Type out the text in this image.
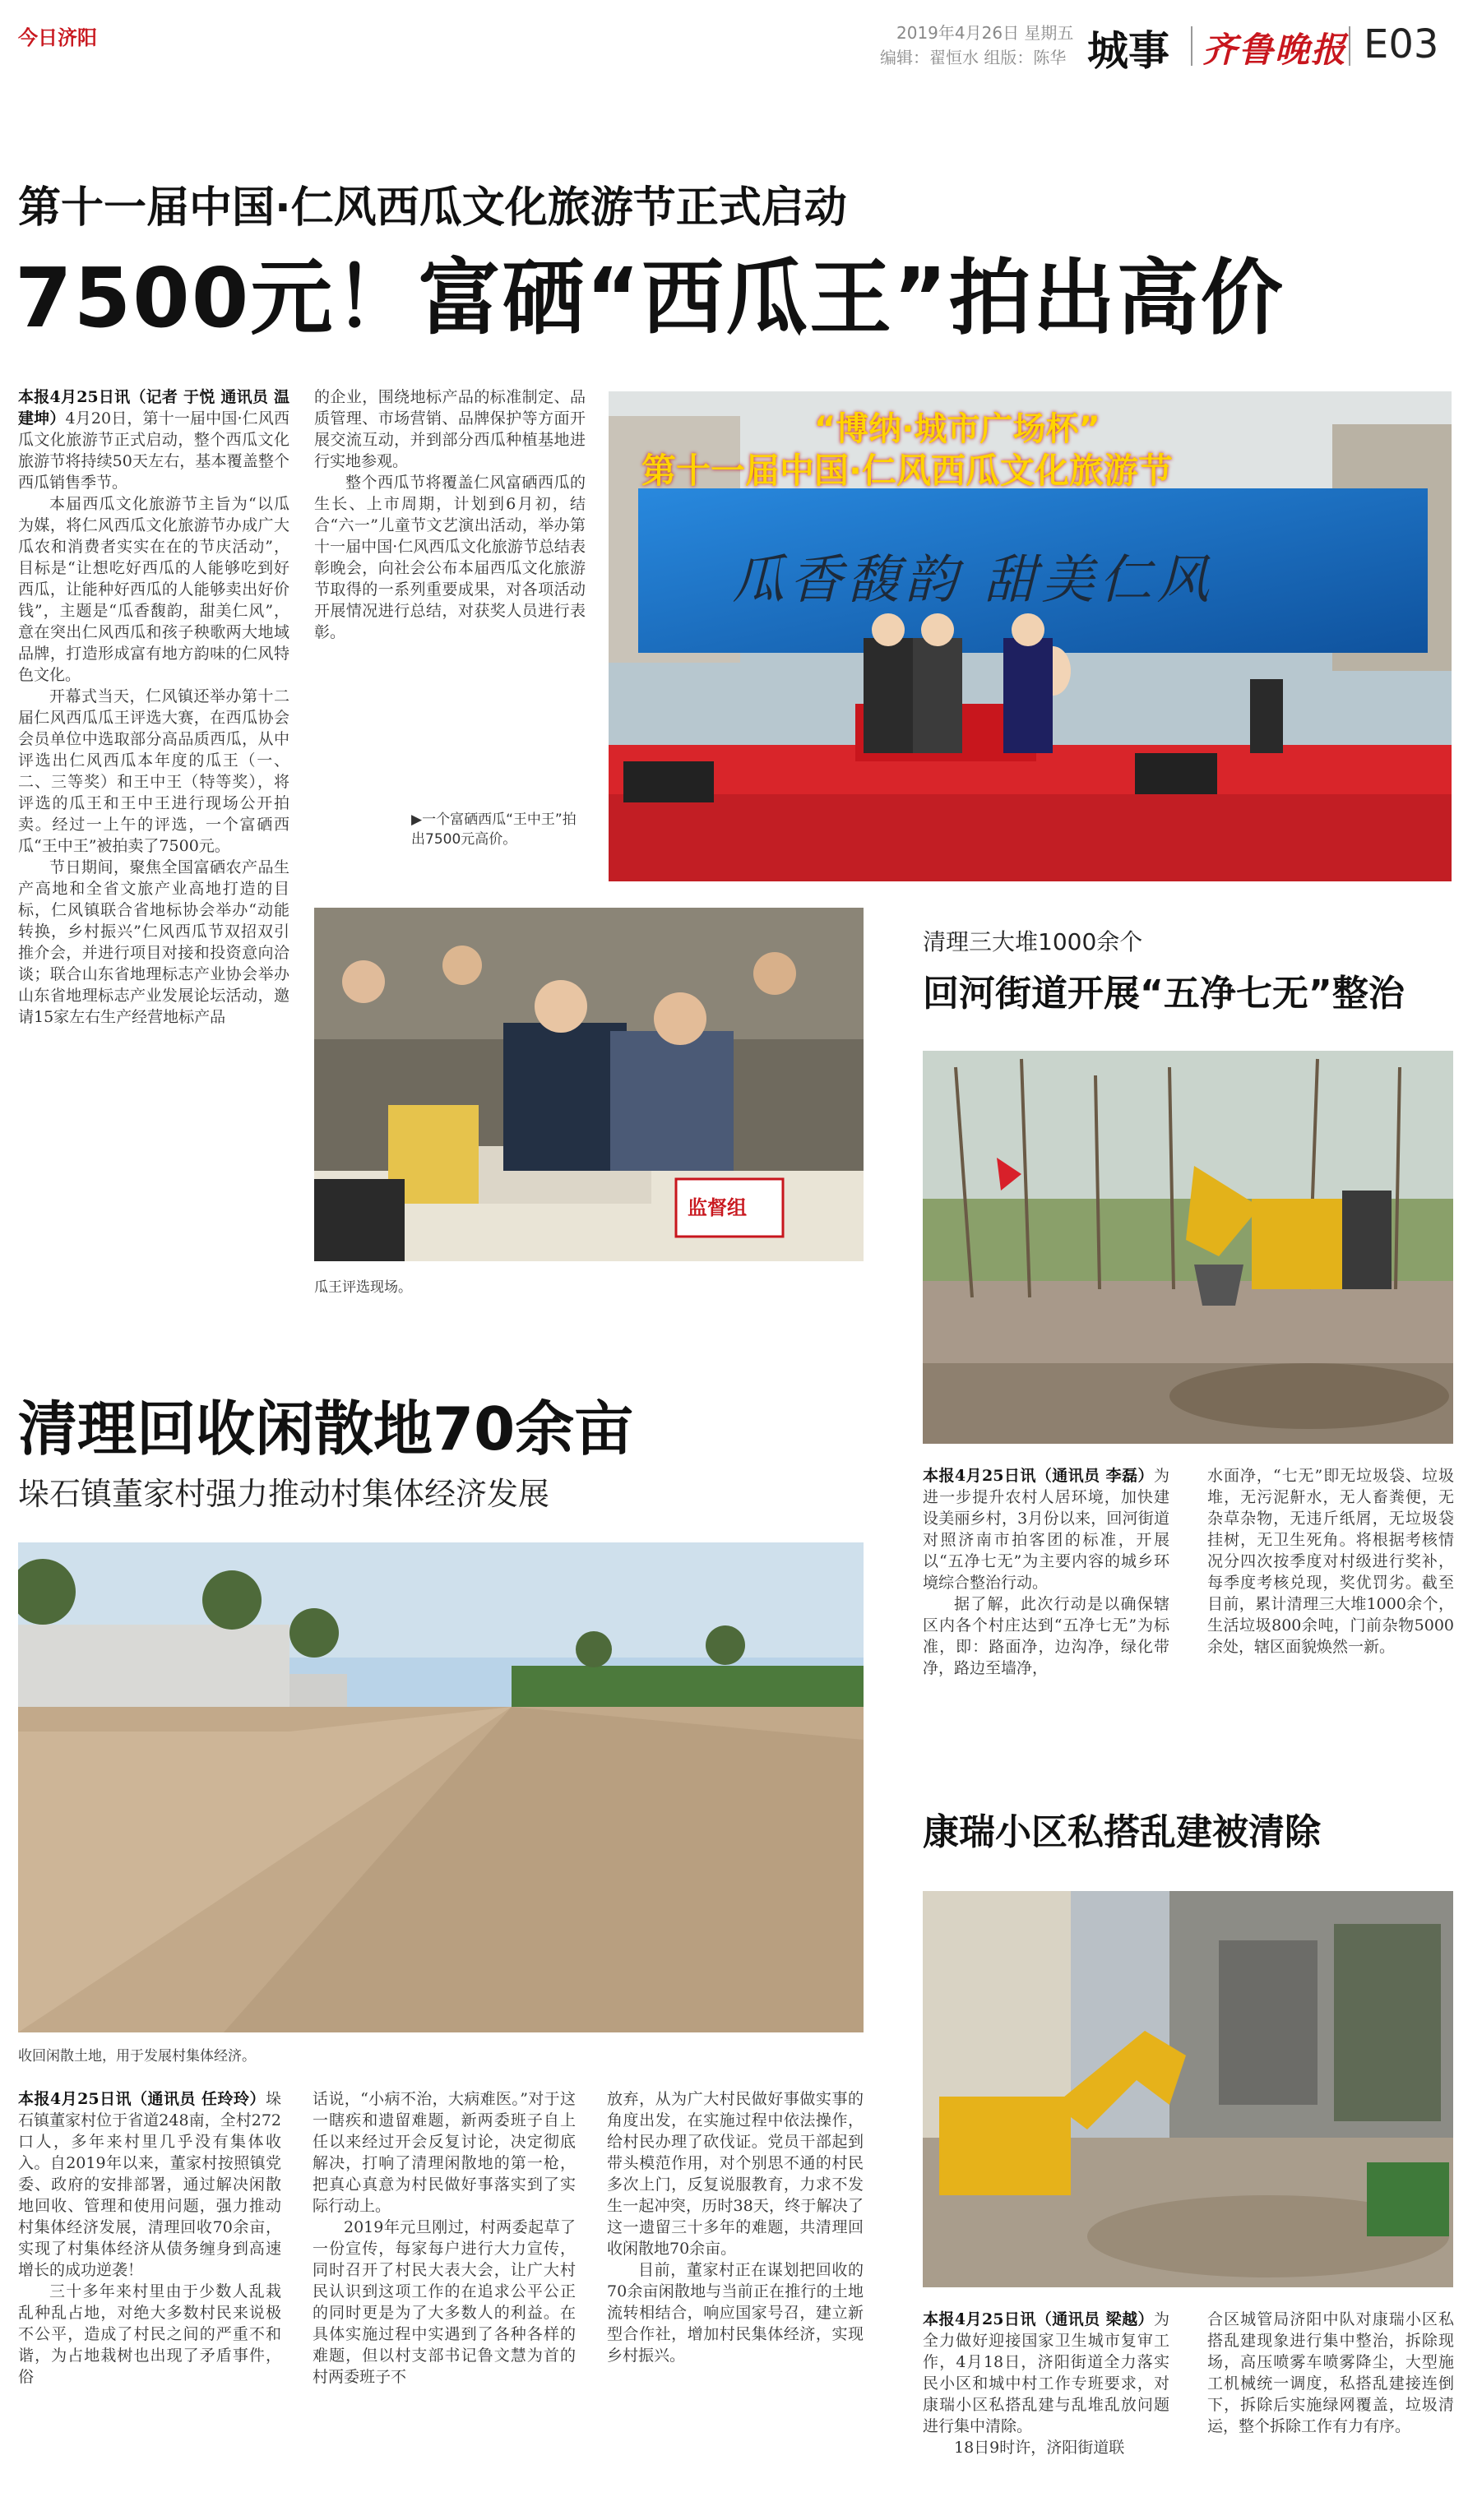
今日济阳	2019年4月26日 星期五
编辑：翟恒水 组版：陈华 城事 齐鲁晚报 E03
第十一届中国·仁风西瓜文化旅游节正式启动
7500元！富硒“西瓜王”拍出高价

本报4月25日讯（记者 于悦 通讯员 温建坤）4月20日，第十一届中国·仁风西瓜文化旅游节正式启动，整个西瓜文化旅游节将持续50天左右，基本覆盖整个西瓜销售季节。

本届西瓜文化旅游节主旨为“以瓜为媒，将仁风西瓜文化旅游节办成广大瓜农和消费者实实在在的节庆活动”，目标是“让想吃好西瓜的人能够吃到好西瓜，让能种好西瓜的人能够卖出好价钱”，主题是“瓜香馥韵，甜美仁风”，意在突出仁风西瓜和孩子秧歌两大地域品牌，打造形成富有地方韵味的仁风特色文化。

开幕式当天，仁风镇还举办第十二届仁风西瓜瓜王评选大赛，在西瓜协会会员单位中选取部分高品质西瓜，从中评选出仁风西瓜本年度的瓜王（一、二、三等奖）和王中王（特等奖），将评选的瓜王和王中王进行现场公开拍卖。经过一上午的评选，一个富硒西瓜“王中王”被拍卖了7500元。

节日期间，聚焦全国富硒农产品生产高地和全省文旅产业高地打造的目标，仁风镇联合省地标协会举办“动能转换，乡村振兴”仁风西瓜节双招双引推介会，并进行项目对接和投资意向洽谈；联合山东省地理标志产业协会举办山东省地理标志产业发展论坛活动，邀请15家左右生产经营地标产品

的企业，围绕地标产品的标准制定、品质管理、市场营销、品牌保护等方面开展交流互动，并到部分西瓜种植基地进行实地参观。

整个西瓜节将覆盖仁风富硒西瓜的生长、上市周期，计划到6月初，结合“六一”儿童节文艺演出活动，举办第十一届中国·仁风西瓜文化旅游节总结表彰晚会，向社会公布本届西瓜文化旅游节取得的一系列重要成果，对各项活动开展情况进行总结，对获奖人员进行表彰。

“博纳·城市广场杯”
第十一届中国·仁风西瓜文化旅游节
瓜香馥韵 甜美仁风
▶一个富硒西瓜“王中王”拍出7500元高价。
监督组
瓜王评选现场。
清理三大堆1000余个
回河街道开展“五净七无”整治

本报4月25日讯（通讯员 李磊）为进一步提升农村人居环境，加快建设美丽乡村，3月份以来，回河街道对照济南市拍客团的标准，开展以“五净七无”为主要内容的城乡环境综合整治行动。

据了解，此次行动是以确保辖区内各个村庄达到“五净七无”为标准，即：路面净，边沟净，绿化带净，路边至墙净，

水面净，“七无”即无垃圾袋、垃圾堆，无污泥鼾水，无人畜粪便，无杂草杂物，无违斤纸屑，无垃圾袋挂树，无卫生死角。将根据考核情况分四次按季度对村级进行奖补，每季度考核兑现，奖优罚劣。截至目前，累计清理三大堆1000余个，生活垃圾800余吨，门前杂物5000余处，辖区面貌焕然一新。

清理回收闲散地70余亩
垛石镇董家村强力推动村集体经济发展
收回闲散土地，用于发展村集体经济。

本报4月25日讯（通讯员 任玲玲）垛石镇董家村位于省道248南，全村272口人，多年来村里几乎没有集体收入。自2019年以来，董家村按照镇党委、政府的安排部署，通过解决闲散地回收、管理和使用问题，强力推动村集体经济发展，清理回收70余亩，实现了村集体经济从债务缠身到高速增长的成功逆袭！

三十多年来村里由于少数人乱栽乱种乱占地，对绝大多数村民来说极不公平，造成了村民之间的严重不和谐，为占地栽树也出现了矛盾事件，俗

话说，“小病不治，大病难医。”对于这一瞎疾和遗留难题，新两委班子自上任以来经过开会反复讨论，决定彻底解决，打响了清理闲散地的第一枪，把真心真意为村民做好事落实到了实际行动上。

2019年元旦刚过，村两委起草了一份宣传，每家每户进行大力宣传，同时召开了村民大表大会，让广大村民认识到这项工作的在追求公平公正的同时更是为了大多数人的利益。在具体实施过程中实遇到了各种各样的难题，但以村支部书记鲁文慧为首的村两委班子不

放弃，从为广大村民做好事做实事的角度出发，在实施过程中依法操作，给村民办理了砍伐证。党员干部起到带头模范作用，对个别思不通的村民多次上门，反复说服教育，力求不发生一起冲突，历时38天，终于解决了这一遗留三十多年的难题，共清理回收闲散地70余亩。

目前，董家村正在谋划把回收的70余亩闲散地与当前正在推行的土地流转相结合，响应国家号召，建立新型合作社，增加村民集体经济，实现乡村振兴。

康瑞小区私搭乱建被清除

本报4月25日讯（通讯员 梁越）为全力做好迎接国家卫生城市复审工作，4月18日，济阳街道全力落实民小区和城中村工作专班要求，对康瑞小区私搭乱建与乱堆乱放问题进行集中清除。

18日9时许，济阳街道联

合区城管局济阳中队对康瑞小区私搭乱建现象进行集中整治，拆除现场，高压喷雾车喷雾降尘，大型施工机械统一调度，私搭乱建接连倒下，拆除后实施绿网覆盖，垃圾清运，整个拆除工作有力有序。
